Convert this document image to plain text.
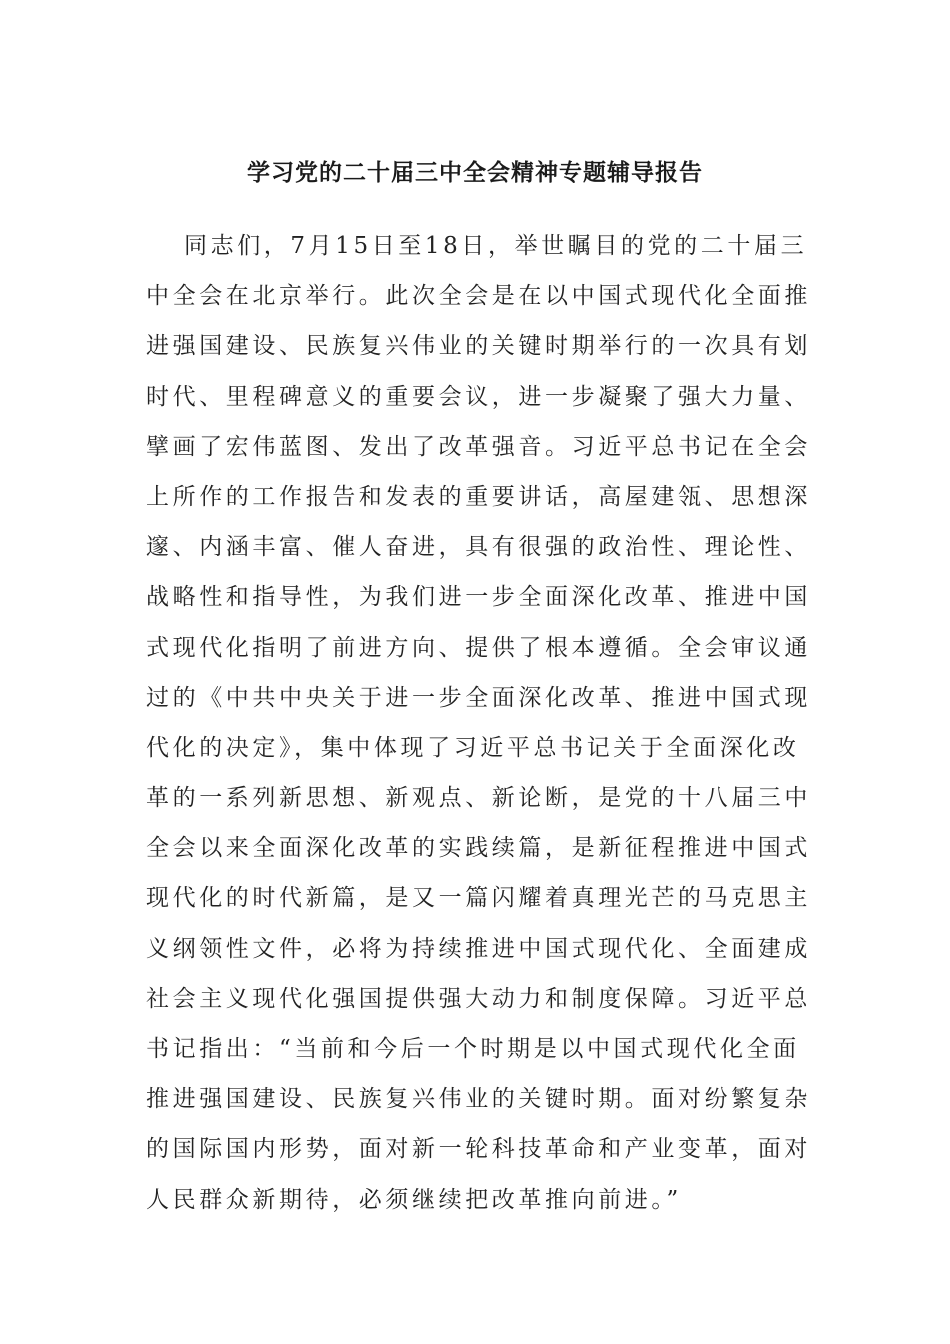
学习党的二十届三中全会精神专题辅导报告
同志们，7月15日至18日，举世瞩目的党的二十届三
中全会在北京举行。此次全会是在以中国式现代化全面推
进强国建设、民族复兴伟业的关键时期举行的一次具有划
时代、里程碑意义的重要会议，进一步凝聚了强大力量、
擘画了宏伟蓝图、发出了改革强音。习近平总书记在全会
上所作的工作报告和发表的重要讲话，高屋建瓴、思想深
邃、内涵丰富、催人奋进，具有很强的政治性、理论性、
战略性和指导性，为我们进一步全面深化改革、推进中国
式现代化指明了前进方向、提供了根本遵循。全会审议通
过的《中共中央关于进一步全面深化改革、推进中国式现
代化的决定》，集中体现了习近平总书记关于全面深化改
革的一系列新思想、新观点、新论断，是党的十八届三中
全会以来全面深化改革的实践续篇，是新征程推进中国式
现代化的时代新篇，是又一篇闪耀着真理光芒的马克思主
义纲领性文件，必将为持续推进中国式现代化、全面建成
社会主义现代化强国提供强大动力和制度保障。习近平总
书记指出：“当前和今后一个时期是以中国式现代化全面
推进强国建设、民族复兴伟业的关键时期。面对纷繁复杂
的国际国内形势，面对新一轮科技革命和产业变革，面对
人民群众新期待，必须继续把改革推向前进。”
